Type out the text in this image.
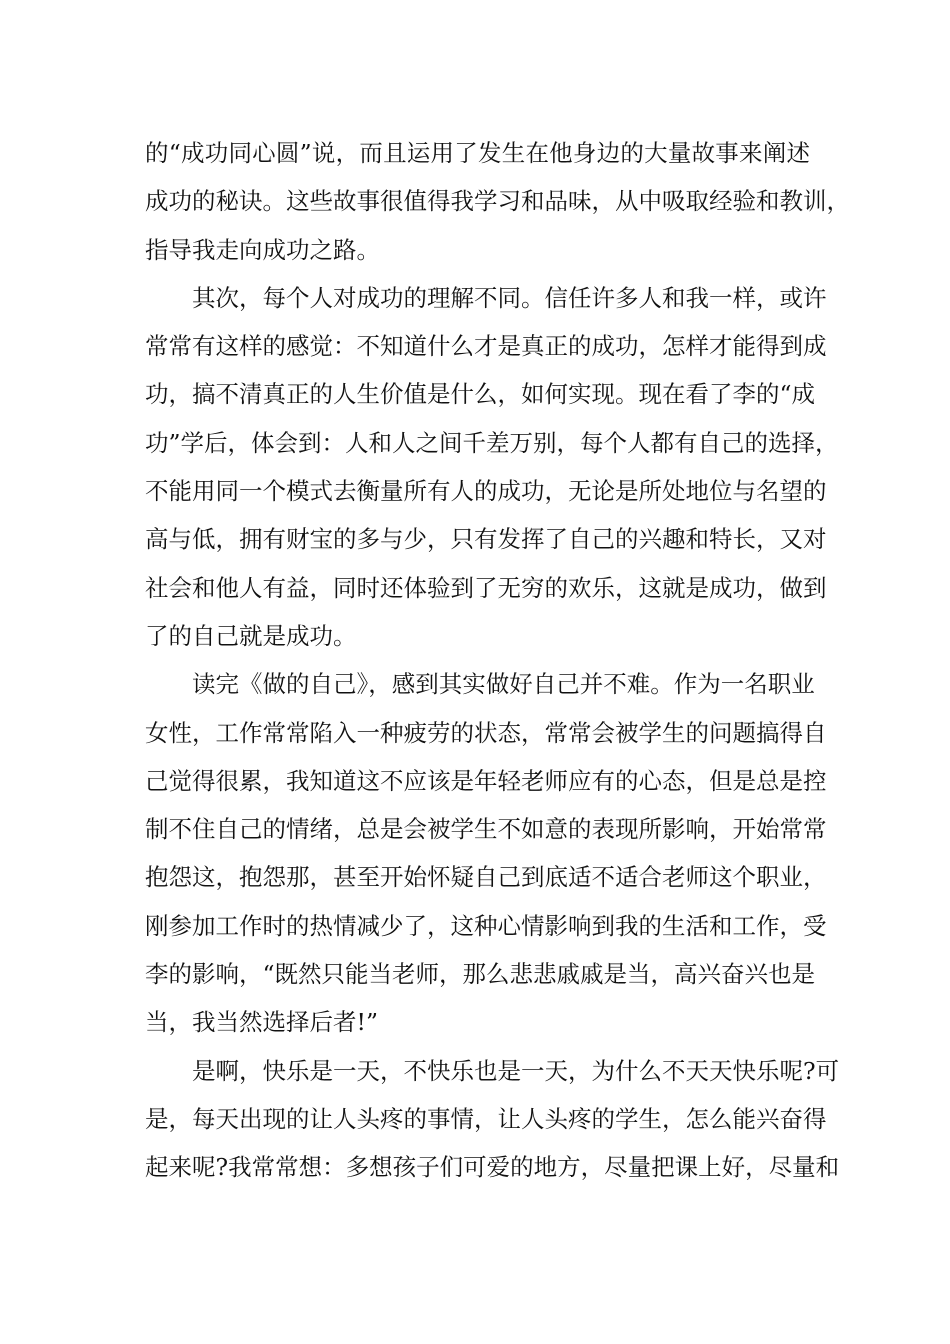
的“成功同心圆”说，而且运用了发生在他身边的大量故事来阐述
成功的秘诀。这些故事很值得我学习和品味，从中吸取经验和教训，
指导我走向成功之路。
其次，每个人对成功的理解不同。信任许多人和我一样，或许
常常有这样的感觉：不知道什么才是真正的成功，怎样才能得到成
功，搞不清真正的人生价值是什么，如何实现。现在看了李的“成
功”学后，体会到：人和人之间千差万别，每个人都有自己的选择，
不能用同一个模式去衡量所有人的成功，无论是所处地位与名望的
高与低，拥有财宝的多与少，只有发挥了自己的兴趣和特长，又对
社会和他人有益，同时还体验到了无穷的欢乐，这就是成功，做到
了的自己就是成功。
读完《做的自己》，感到其实做好自己并不难。作为一名职业
女性，工作常常陷入一种疲劳的状态，常常会被学生的问题搞得自
己觉得很累，我知道这不应该是年轻老师应有的心态，但是总是控
制不住自己的情绪，总是会被学生不如意的表现所影响，开始常常
抱怨这，抱怨那，甚至开始怀疑自己到底适不适合老师这个职业，
刚参加工作时的热情减少了，这种心情影响到我的生活和工作，受
李的影响，“既然只能当老师，那么悲悲戚戚是当，高兴奋兴也是
当，我当然选择后者!”
是啊，快乐是一天，不快乐也是一天，为什么不天天快乐呢?可
是，每天出现的让人头疼的事情，让人头疼的学生，怎么能兴奋得
起来呢?我常常想：多想孩子们可爱的地方，尽量把课上好，尽量和
